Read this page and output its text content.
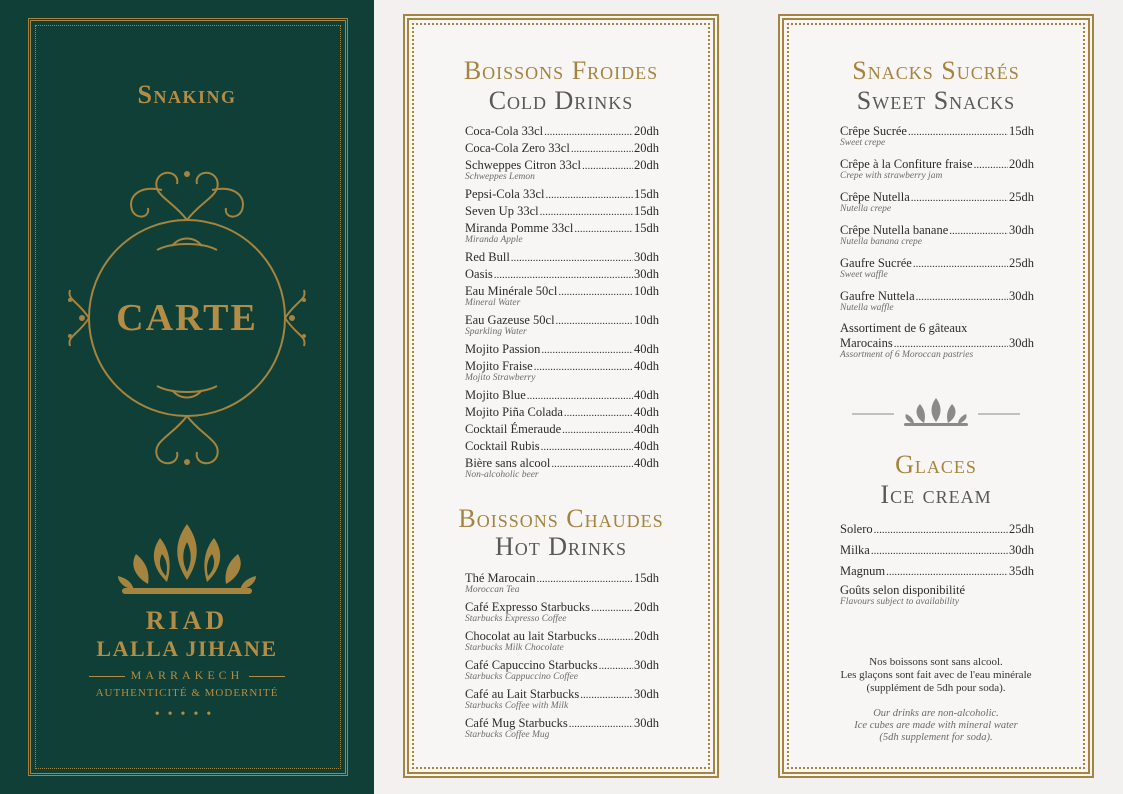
Snaking
CARTE
RIAD
LALLA JIHANE
MARRAKECH
AUTHENTICITÉ & MODERNITÉ
•••••
Boissons Froides
Cold Drinks
Coca-Cola 33cl .....	20dh
Coca-Cola Zero 33cl .....	20dh
Schweppes Citron 33cl .....	20dh
Schweppes Lemon
Pepsi-Cola 33cl .....	15dh
Seven Up 33cl .....	15dh
Miranda Pomme 33cl .....	15dh
Miranda Apple
Red Bull .....	30dh
Oasis .....	30dh
Eau Minérale 50cl .....	10dh
Mineral Water
Eau Gazeuse 50cl .....	10dh
Sparkling Water
Mojito Passion .....	40dh
Mojito Fraise .....	40dh
Mojito Strawberry
Mojito Blue .....	40dh
Mojito Piña Colada .....	40dh
Cocktail Émeraude .....	40dh
Cocktail Rubis .....	40dh
Bière sans alcool .....	40dh
Non-alcoholic beer
Boissons Chaudes
Hot Drinks
Thé Marocain .....	15dh
Moroccan Tea
Café Expresso Starbucks .....	20dh
Starbucks Expresso Coffee
Chocolat au lait Starbucks .....	20dh
Starbucks Milk Chocolate
Café Capuccino Starbucks .....	30dh
Starbucks Cappuccino Coffee
Café au Lait Starbucks .....	30dh
Starbucks Coffee with Milk
Café Mug Starbucks .....	30dh
Starbucks Coffee Mug
Snacks Sucrés
Sweet Snacks
Crêpe Sucrée .....	15dh
Sweet crepe
Crêpe à la Confiture fraise .....	20dh
Crepe with strawberry jam
Crêpe Nutella .....	25dh
Nutella crepe
Crêpe Nutella banane .....	30dh
Nutella banana crepe
Gaufre Sucrée .....	25dh
Sweet waffle
Gaufre Nuttela .....	30dh
Nutella waffle
Assortiment de 6 gâteaux
Marocains .....	30dh
Assortment of 6 Moroccan pastries
Glaces
Ice cream
Solero .....	25dh
Milka .....	30dh
Magnum .....	35dh
Goûts selon disponibilité
Flavours subject to availability
Nos boissons sont sans alcool.
Les glaçons sont fait avec de l'eau minérale
(supplément de 5dh pour soda).
Our drinks are non-alcoholic.
Ice cubes are made with mineral water
(5dh supplement for soda).
